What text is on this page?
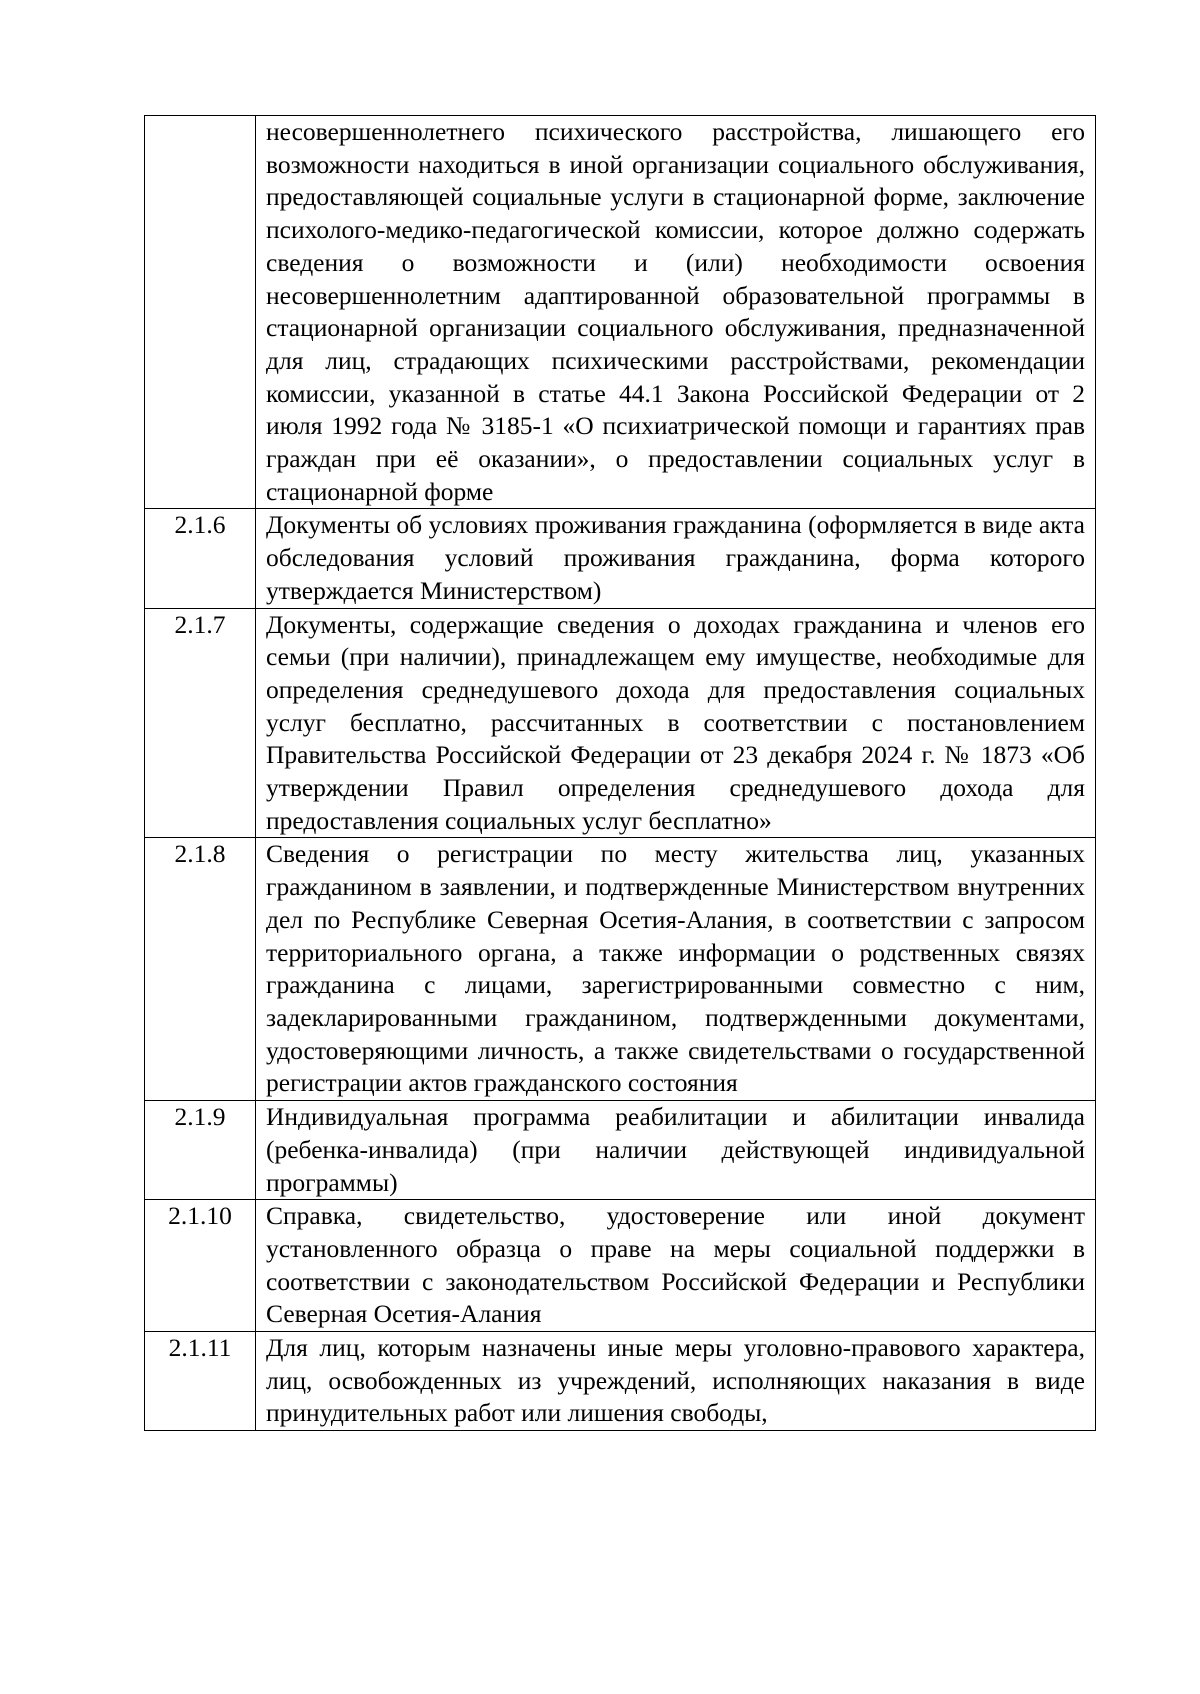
	несовершеннолетнего психического расстройства, лишающего его возможности находиться в иной организации социального обслуживания, предоставляющей социальные услуги в стационарной форме, заключение психолого-медико-педагогической комиссии, которое должно содержать сведения о возможности и (или) необходимости освоения несовершеннолетним адаптированной образовательной программы в стационарной организации социального обслуживания, предназначенной для лиц, страдающих психическими расстройствами, рекомендации комиссии, указанной в статье 44.1 Закона Российской Федерации от 2 июля 1992 года № 3185-1 «О психиатрической помощи и гарантиях прав граждан при её оказании», о предоставлении социальных услуг в стационарной форме
2.1.6	Документы об условиях проживания гражданина (оформляется в виде акта обследования условий проживания гражданина, форма которого утверждается Министерством)
2.1.7	Документы, содержащие сведения о доходах гражданина и членов его семьи (при наличии), принадлежащем ему имуществе, необходимые для определения среднедушевого дохода для предоставления социальных услуг бесплатно, рассчитанных в соответствии с постановлением Правительства Российской Федерации от 23 декабря 2024 г. № 1873 «Об утверждении Правил определения среднедушевого дохода для предоставления социальных услуг бесплатно»
2.1.8	Сведения о регистрации по месту жительства лиц, указанных гражданином в заявлении, и подтвержденные Министерством внутренних дел по Республике Северная Осетия-Алания, в соответствии с запросом территориального органа, а также информации о родственных связях гражданина с лицами, зарегистрированными совместно с ним, задекларированными гражданином, подтвержденными документами, удостоверяющими личность, а также свидетельствами о государственной регистрации актов гражданского состояния
2.1.9	Индивидуальная программа реабилитации и абилитации инвалида (ребенка-инвалида) (при наличии действующей индивидуальной программы)
2.1.10	Справка, свидетельство, удостоверение или иной документ установленного образца о праве на меры социальной поддержки в соответствии с законодательством Российской Федерации и Республики Северная Осетия-Алания
2.1.11	Для лиц, которым назначены иные меры уголовно-правового характера, лиц, освобожденных из учреждений, исполняющих наказания в виде принудительных работ или лишения свободы,
